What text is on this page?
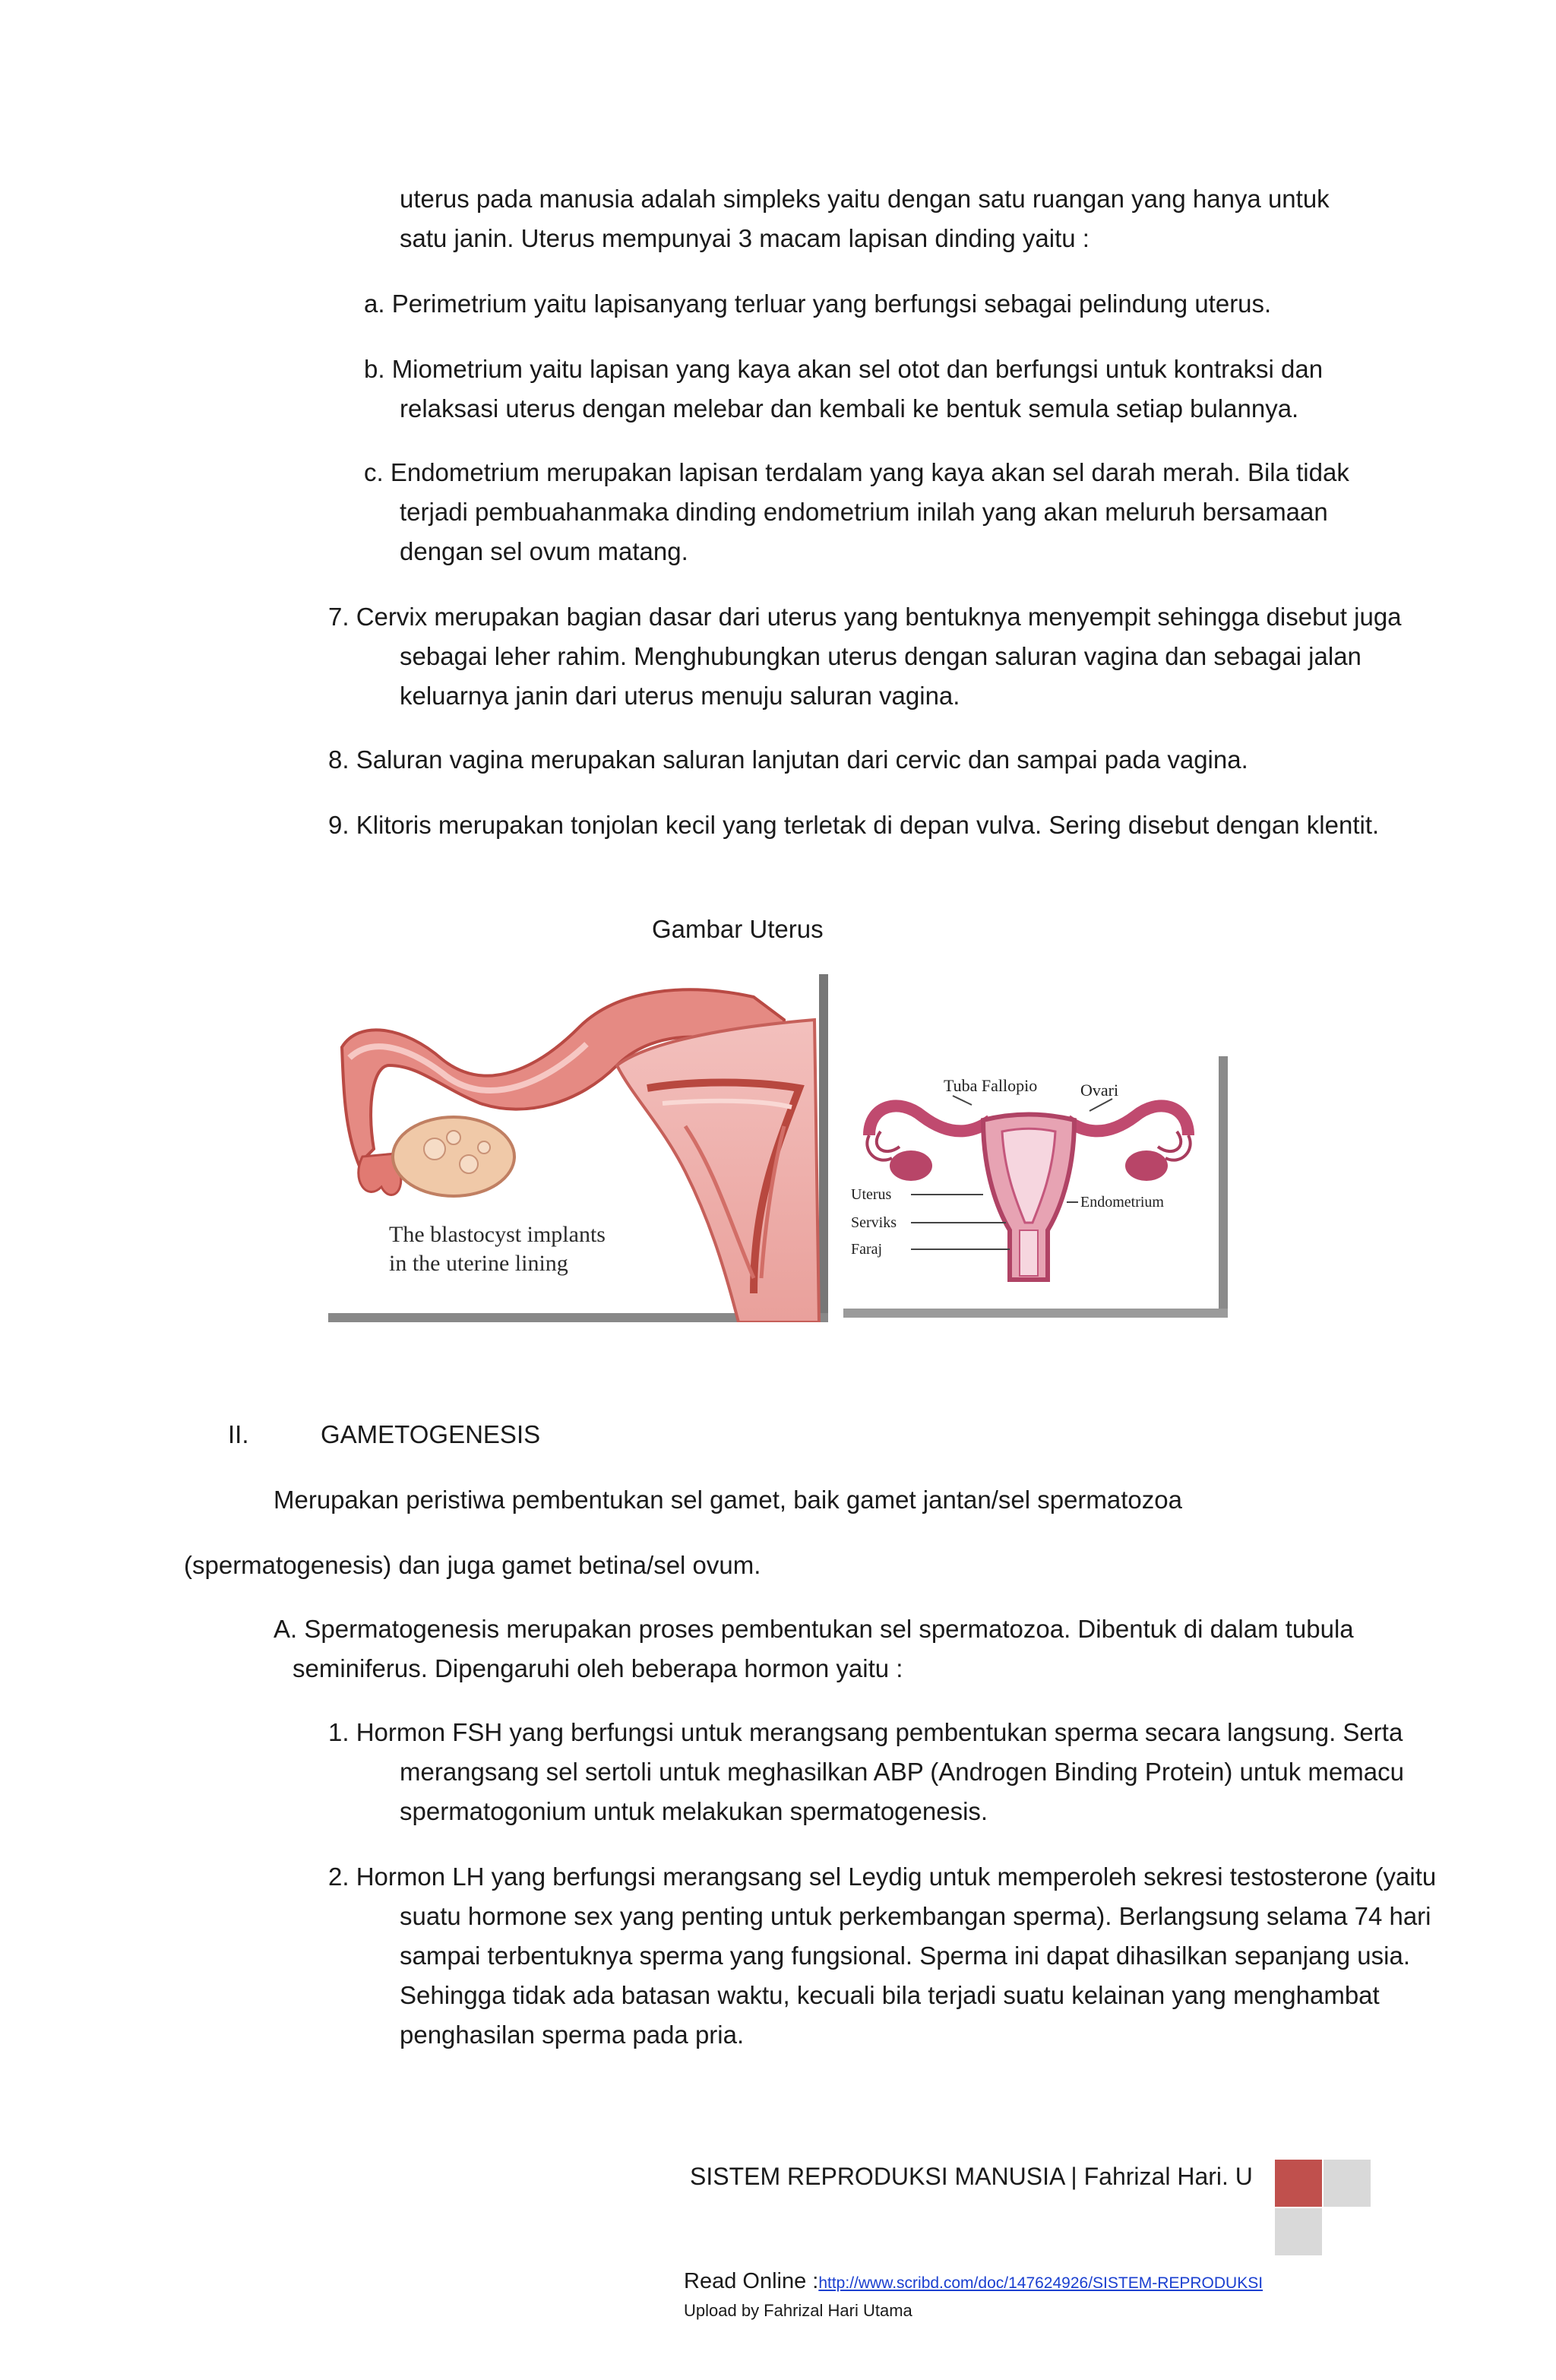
uterus pada manusia adalah simpleks yaitu dengan satu ruangan yang hanya untuk satu janin. Uterus mempunyai 3 macam lapisan dinding yaitu :

a. Perimetrium yaitu lapisanyang terluar yang berfungsi sebagai pelindung uterus.

b. Miometrium yaitu lapisan yang kaya akan sel otot dan berfungsi untuk kontraksi dan relaksasi uterus dengan melebar dan kembali ke bentuk semula setiap bulannya.

c. Endometrium merupakan lapisan terdalam yang kaya akan sel darah merah. Bila tidak terjadi pembuahanmaka dinding endometrium inilah yang akan meluruh bersamaan dengan sel ovum matang.

7. Cervix merupakan bagian dasar dari uterus yang bentuknya menyempit sehingga disebut juga sebagai leher rahim. Menghubungkan uterus dengan saluran vagina dan sebagai jalan keluarnya janin dari uterus menuju saluran vagina.

8. Saluran vagina merupakan saluran lanjutan dari cervic dan sampai pada vagina.

9. Klitoris merupakan tonjolan kecil yang terletak di depan vulva. Sering disebut dengan klentit.

Gambar Uterus

The blastocyst implants
in the uterine lining
Tuba Fallopio	Ovari
Uterus
Serviks
Faraj
Endometrium

II.	GAMETOGENESIS

Merupakan peristiwa pembentukan sel gamet, baik gamet jantan/sel spermatozoa

(spermatogenesis) dan juga gamet betina/sel ovum.

A. Spermatogenesis merupakan proses pembentukan sel spermatozoa. Dibentuk di dalam tubula seminiferus. Dipengaruhi oleh beberapa hormon yaitu :

1. Hormon FSH yang berfungsi untuk merangsang pembentukan sperma secara langsung. Serta merangsang sel sertoli untuk meghasilkan ABP (Androgen Binding Protein) untuk memacu spermatogonium untuk melakukan spermatogenesis.

2. Hormon LH yang berfungsi merangsang sel Leydig untuk memperoleh sekresi testosterone (yaitu suatu hormone sex yang penting untuk perkembangan sperma). Berlangsung selama 74 hari sampai terbentuknya sperma yang fungsional. Sperma ini dapat dihasilkan sepanjang usia. Sehingga tidak ada batasan waktu, kecuali bila terjadi suatu kelainan yang menghambat penghasilan sperma pada pria.

SISTEM REPRODUKSI MANUSIA | Fahrizal Hari. U
Read Online :http://www.scribd.com/doc/147624926/SISTEM-REPRODUKSI
Upload by Fahrizal Hari Utama
